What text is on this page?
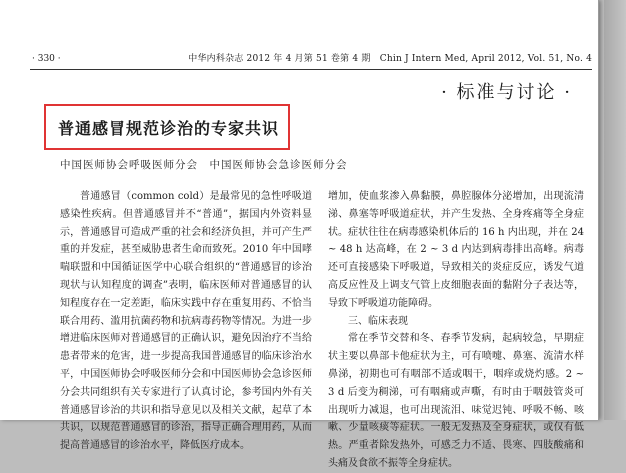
· 330 ·	中华内科杂志 2012 年 4 月第 51 卷第 4 期　Chin J Intern Med, April 2012, Vol. 51, No. 4
· 标准与讨论 ·
普通感冒规范诊治的专家共识
中国医师协会呼吸医师分会　中国医师协会急诊医师分会

普通感冒（common cold）是最常见的急性呼吸道感染性疾病。但普通感冒并不“普通”，据国内外资料显示，普通感冒可造成严重的社会和经济负担，并可产生严重的并发症，甚至威胁患者生命而致死。2010 年中国哮喘联盟和中国循证医学中心联合组织的“普通感冒的诊治现状与认知程度的调查”表明，临床医师对普通感冒的认知程度存在一定差距，临床实践中存在重复用药、不恰当联合用药、滥用抗菌药物和抗病毒药物等情况。为进一步增进临床医师对普通感冒的正确认识，避免因治疗不当给患者带来的危害，进一步提高我国普通感冒的临床诊治水平，中国医师协会呼吸医师分会和中国医师协会急诊医师分会共同组织有关专家进行了认真讨论，参考国内外有关普通感冒诊治的共识和指导意见以及相关文献，起草了本共识，以规范普通感冒的诊治，指导正确合理用药，从而提高普通感冒的诊治水平，降低医疗成本。

增加，使血浆渗入鼻黏膜，鼻腔腺体分泌增加，出现流清涕、鼻塞等呼吸道症状，并产生发热、全身疼痛等全身症状。症状往往在病毒感染机体后的 16 h 内出现，并在 24 ~ 48 h 达高峰，在 2 ~ 3 d 内达到病毒排出高峰。病毒还可直接感染下呼吸道，导致相关的炎症反应，诱发气道高反应性及上调支气管上皮细胞表面的黏附分子表达等，导致下呼吸道功能障碍。

三、临床表现

常在季节交替和冬、春季节发病，起病较急，早期症状主要以鼻部卡他症状为主，可有喷嚏、鼻塞、流清水样鼻涕，初期也可有咽部不适或咽干，咽痒或烧灼感。2 ~ 3 d 后变为稠涕，可有咽痛或声嘶，有时由于咽鼓管炎可出现听力减退，也可出现流泪、味觉迟钝、呼吸不畅、咳嗽、少量咳痰等症状。一般无发热及全身症状，或仅有低热。严重者除发热外，可感乏力不适、畏寒、四肢酸痛和头痛及食欲不振等全身症状。
